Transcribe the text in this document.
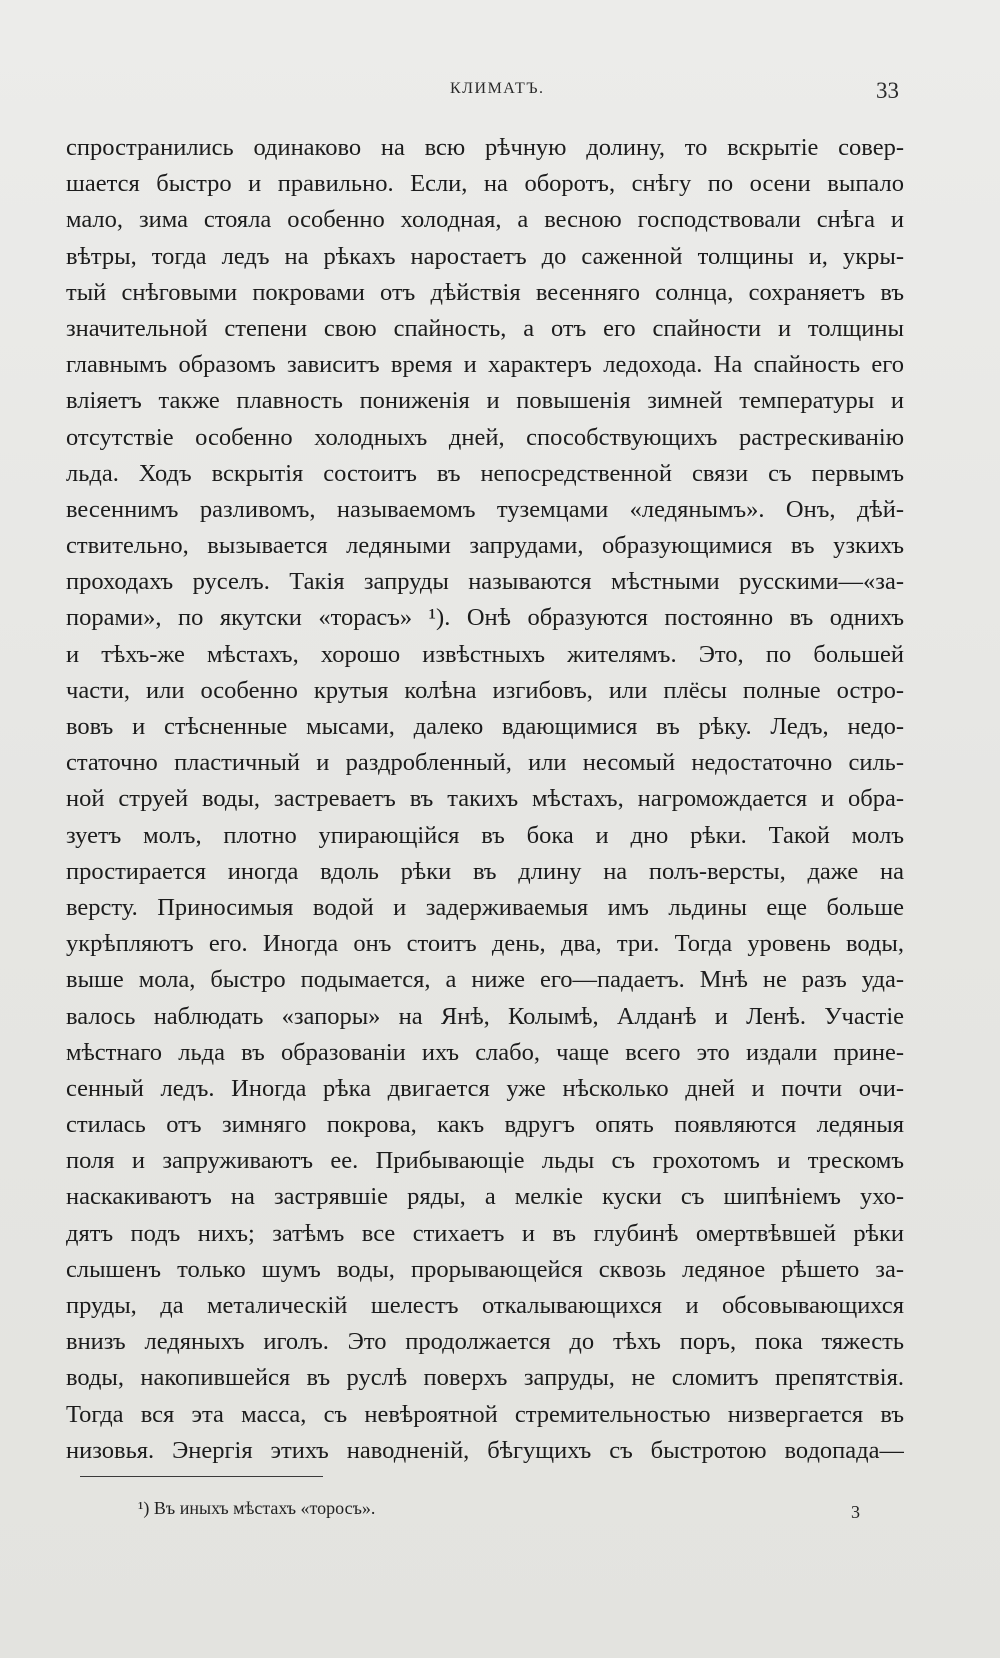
КЛИМАТЪ.	33
спространились одинаково на всю рѣчную долину, то вскрытіе совер-
шается быстро и правильно. Если, на оборотъ, снѣгу по осени выпало
мало, зима стояла особенно холодная, а весною господствовали снѣга и
вѣтры, тогда ледъ на рѣкахъ наростаетъ до саженной толщины и, укры-
тый снѣговыми покровами отъ дѣйствія весенняго солнца, сохраняетъ въ
значительной степени свою спайность, а отъ его спайности и толщины
главнымъ образомъ зависитъ время и характеръ ледохода. На спайность его
вліяетъ также плавность пониженія и повышенія зимней температуры и
отсутствіе особенно холодныхъ дней, способствующихъ растрескиванію
льда. Ходъ вскрытія состоитъ въ непосредственной связи съ первымъ
весеннимъ разливомъ, называемомъ туземцами «ледянымъ». Онъ, дѣй-
ствительно, вызывается ледяными запрудами, образующимися въ узкихъ
проходахъ руселъ. Такія запруды называются мѣстными русскими—«за-
порами», по якутски «торасъ» ¹). Онѣ образуются постоянно въ однихъ
и тѣхъ-же мѣстахъ, хорошо извѣстныхъ жителямъ. Это, по большей
части, или особенно крутыя колѣна изгибовъ, или плёсы полные остро-
вовъ и стѣсненные мысами, далеко вдающимися въ рѣку. Ледъ, недо-
статочно пластичный и раздробленный, или несомый недостаточно силь-
ной струей воды, застреваетъ въ такихъ мѣстахъ, нагромождается и обра-
зуетъ молъ, плотно упирающійся въ бока и дно рѣки. Такой молъ
простирается иногда вдоль рѣки въ длину на полъ-версты, даже на
версту. Приносимыя водой и задерживаемыя имъ льдины еще больше
укрѣпляютъ его. Иногда онъ стоитъ день, два, три. Тогда уровень воды,
выше мола, быстро подымается, а ниже его—падаетъ. Мнѣ не разъ уда-
валось наблюдать «запоры» на Янѣ, Колымѣ, Алданѣ и Ленѣ. Участіе
мѣстнаго льда въ образованіи ихъ слабо, чаще всего это издали прине-
сенный ледъ. Иногда рѣка двигается уже нѣсколько дней и почти очи-
стилась отъ зимняго покрова, какъ вдругъ опять появляются ледяныя
поля и запруживаютъ ее. Прибывающіе льды съ грохотомъ и трескомъ
наскакиваютъ на застрявшіе ряды, а мелкіе куски съ шипѣніемъ ухо-
дятъ подъ нихъ; затѣмъ все стихаетъ и въ глубинѣ омертвѣвшей рѣки
слышенъ только шумъ воды, прорывающейся сквозь ледяное рѣшето за-
пруды, да металическій шелестъ откалывающихся и обсовывающихся
внизъ ледяныхъ иголъ. Это продолжается до тѣхъ поръ, пока тяжесть
воды, накопившейся въ руслѣ поверхъ запруды, не сломитъ препятствія.
Тогда вся эта масса, съ невѣроятной стремительностью низвергается въ
низовья. Энергія этихъ наводненій, бѣгущихъ съ быстротою водопада—
¹) Въ иныхъ мѣстахъ «торосъ».	3
